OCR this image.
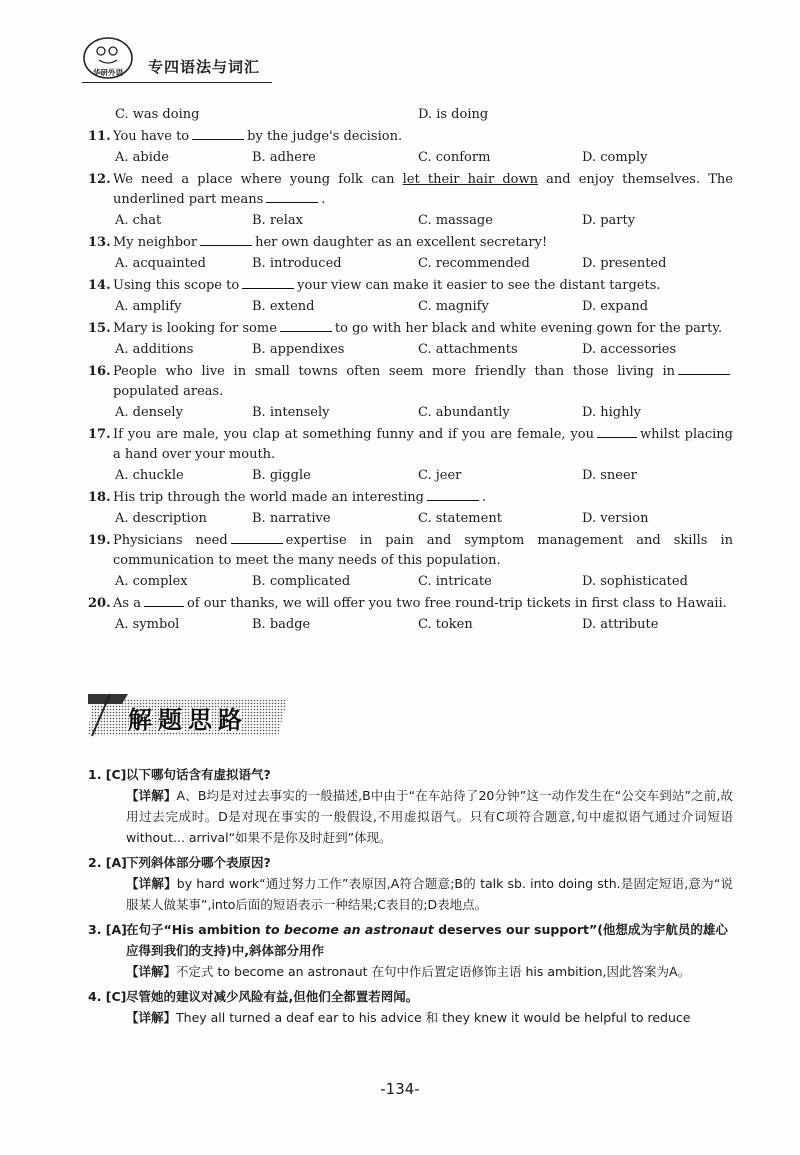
华研外语 专四语法与词汇
C. was doing	D. is doing
11. You have to	by the judge's decision.
A. abide	B. adhere	C. conform	D. comply
12. We need a place where young folk can let their hair down and enjoy themselves. The underlined part means	.
A. chat	B. relax	C. massage	D. party
13. My neighbor	her own daughter as an excellent secretary!
A. acquainted	B. introduced	C. recommended	D. presented
14. Using this scope to	your view can make it easier to see the distant targets.
A. amplify	B. extend	C. magnify	D. expand
15. Mary is looking for some	to go with her black and white evening gown for the party.
A. additions	B. appendixes	C. attachments	D. accessories
16. People who live in small towns often seem more friendly than those living inpopulated areas.
A. densely	B. intensely	C. abundantly	D. highly
17. If you are male, you clap at something funny and if you are female, you	whilst placing a hand over your mouth.
A. chuckle	B. giggle	C. jeer	D. sneer
18. His trip through the world made an interesting	.
A. description	B. narrative	C. statement	D. version
19. Physicians need	expertise in pain and symptom management and skills in communication to meet the many needs of this population.
A. complex	B. complicated	C. intricate	D. sophisticated
20. As a	of our thanks, we will offer you two free round-trip tickets in first class to Hawaii.
A. symbol	B. badge	C. token	D. attribute
解题思路
1. [C] 以下哪句话含有虚拟语气?
【详解】A、B均是对过去事实的一般描述,B中由于“在车站待了20分钟”这一动作发生在“公交车到站”之前,故用过去完成时。D是对现在事实的一般假设,不用虚拟语气。只有C项符合题意,句中虚拟语气通过介词短语 without... arrival“如果不是你及时赶到”体现。
2. [A] 下列斜体部分哪个表原因?
【详解】by hard work“通过努力工作”表原因,A符合题意;B的 talk sb. into doing sth.是固定短语,意为“说服某人做某事”,into后面的短语表示一种结果;C表目的;D表地点。
3. [A] 在句子“His ambition to become an astronaut deserves our support”(他想成为宇航员的雄心应得到我们的支持)中,斜体部分用作
【详解】不定式 to become an astronaut 在句中作后置定语修饰主语 his ambition,因此答案为A。
4. [C] 尽管她的建议对减少风险有益,但他们全都置若罔闻。
【详解】They all turned a deaf ear to his advice 和 they knew it would be helpful to reduce
-134-
